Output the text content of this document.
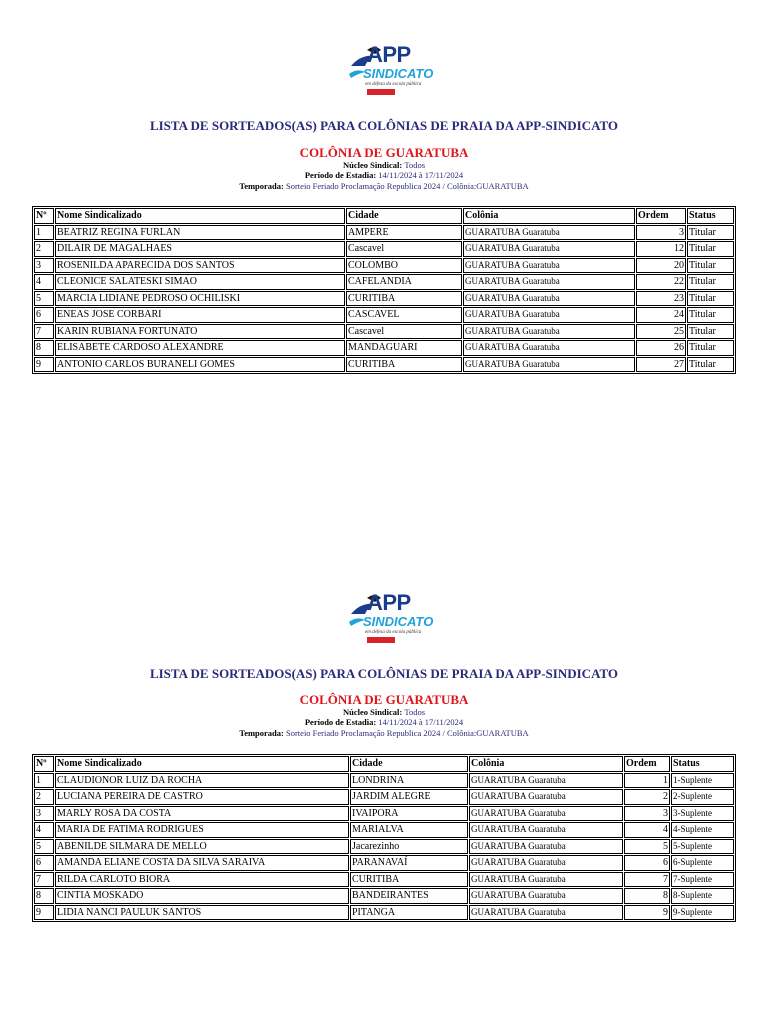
APP
SINDICATO
em defesa da escola pública
LISTA DE SORTEADOS(AS) PARA COLÔNIAS DE PRAIA DA APP-SINDICATO
COLÔNIA DE GUARATUBA
Núcleo Sindical: Todos
Período de Estadia: 14/11/2024 à 17/11/2024
Temporada: Sorteio Feriado Proclamação Republica 2024 / Colônia:GUARATUBA
Nº	Nome Sindicalizado	Cidade	Colônia	Ordem	Status
1	BEATRIZ REGINA FURLAN	AMPERE	GUARATUBA Guaratuba	3	Titular
2	DILAIR DE MAGALHAES	Cascavel	GUARATUBA Guaratuba	12	Titular
3	ROSENILDA APARECIDA DOS SANTOS	COLOMBO	GUARATUBA Guaratuba	20	Titular
4	CLEONICE SALATESKI SIMAO	CAFELANDIA	GUARATUBA Guaratuba	22	Titular
5	MARCIA LIDIANE PEDROSO OCHILISKI	CURITIBA	GUARATUBA Guaratuba	23	Titular
6	ENEAS JOSE CORBARI	CASCAVEL	GUARATUBA Guaratuba	24	Titular
7	KARIN RUBIANA FORTUNATO	Cascavel	GUARATUBA Guaratuba	25	Titular
8	ELISABETE CARDOSO ALEXANDRE	MANDAGUARI	GUARATUBA Guaratuba	26	Titular
9	ANTONIO CARLOS BURANELI GOMES	CURITIBA	GUARATUBA Guaratuba	27	Titular
APP
SINDICATO
em defesa da escola pública
LISTA DE SORTEADOS(AS) PARA COLÔNIAS DE PRAIA DA APP-SINDICATO
COLÔNIA DE GUARATUBA
Núcleo Sindical: Todos
Período de Estadia: 14/11/2024 à 17/11/2024
Temporada: Sorteio Feriado Proclamação Republica 2024 / Colônia:GUARATUBA
Nº	Nome Sindicalizado	Cidade	Colônia	Ordem	Status
1	CLAUDIONOR LUIZ DA ROCHA	LONDRINA	GUARATUBA Guaratuba	1	1-Suplente
2	LUCIANA PEREIRA DE CASTRO	JARDIM ALEGRE	GUARATUBA Guaratuba	2	2-Suplente
3	MARLY ROSA DA COSTA	IVAIPORA	GUARATUBA Guaratuba	3	3-Suplente
4	MARIA DE FATIMA RODRIGUES	MARIALVA	GUARATUBA Guaratuba	4	4-Suplente
5	ABENILDE SILMARA DE MELLO	Jacarezinho	GUARATUBA Guaratuba	5	5-Suplente
6	AMANDA ELIANE COSTA DA SILVA SARAIVA	PARANAVAÍ	GUARATUBA Guaratuba	6	6-Suplente
7	RILDA CARLOTO BIORA	CURITIBA	GUARATUBA Guaratuba	7	7-Suplente
8	CINTIA MOSKADO	BANDEIRANTES	GUARATUBA Guaratuba	8	8-Suplente
9	LIDIA NANCI PAULUK SANTOS	PITANGA	GUARATUBA Guaratuba	9	9-Suplente
